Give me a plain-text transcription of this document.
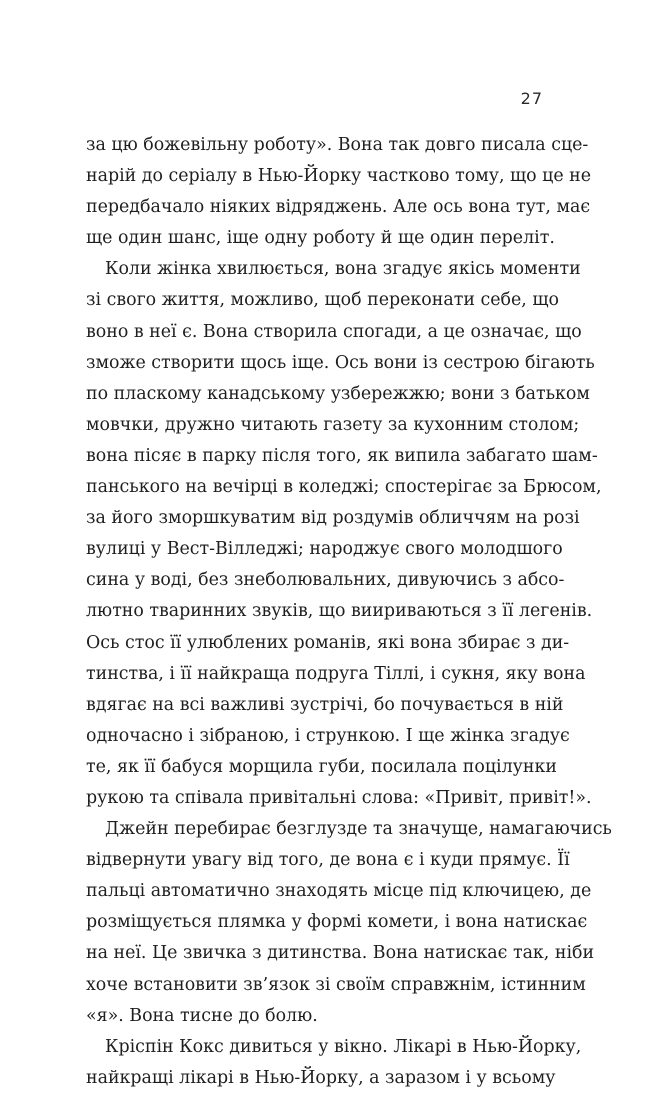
27
за цю божевільну роботу». Вона так довго писала сце-
нарій до серіалу в Нью-Йорку частково тому, що це не
передбачало ніяких відряджень. Але ось вона тут, має
ще один шанс, іще одну роботу й ще один переліт.
Коли жінка хвилюється, вона згадує якісь моменти
зі свого життя, можливо, щоб переконати себе, що
воно в неї є. Вона створила спогади, а це означає, що
зможе створити щось іще. Ось вони із сестрою бігають
по пласкому канадському узбережжю; вони з батьком
мовчки, дружно читають газету за кухонним столом;
вона пісяє в парку після того, як випила забагато шам-
панського на вечірці в коледжі; спостерігає за Брюсом,
за його зморшкуватим від роздумів обличчям на розі
вулиці у Вест-Вілледжі; народжує свого молодшого
сина у воді, без знеболювальних, дивуючись з абсо-
лютно тваринних звуків, що виириваються з її легенів.
Ось стос її улюблених романів, які вона збирає з ди-
тинства, і її найкраща подруга Тіллі, і сукня, яку вона
вдягає на всі важливі зустрічі, бо почувається в ній
одночасно і зібраною, і стрункою. І ще жінка згадує
те, як її бабуся морщила губи, посилала поцілунки
рукою та співала привітальні слова: «Привіт, привіт!».
Джейн перебирає безглузде та значуще, намагаючись
відвернути увагу від того, де вона є і куди прямує. Її
пальці автоматично знаходять місце під ключицею, де
розміщується плямка у формі комети, і вона натискає
на неї. Це звичка з дитинства. Вона натискає так, ніби
хоче встановити зв’язок зі своїм справжнім, істинним
«я». Вона тисне до болю.
Кріспін Кокс дивиться у вікно. Лікарі в Нью-Йорку,
найкращі лікарі в Нью-Йорку, а заразом і у всьому
